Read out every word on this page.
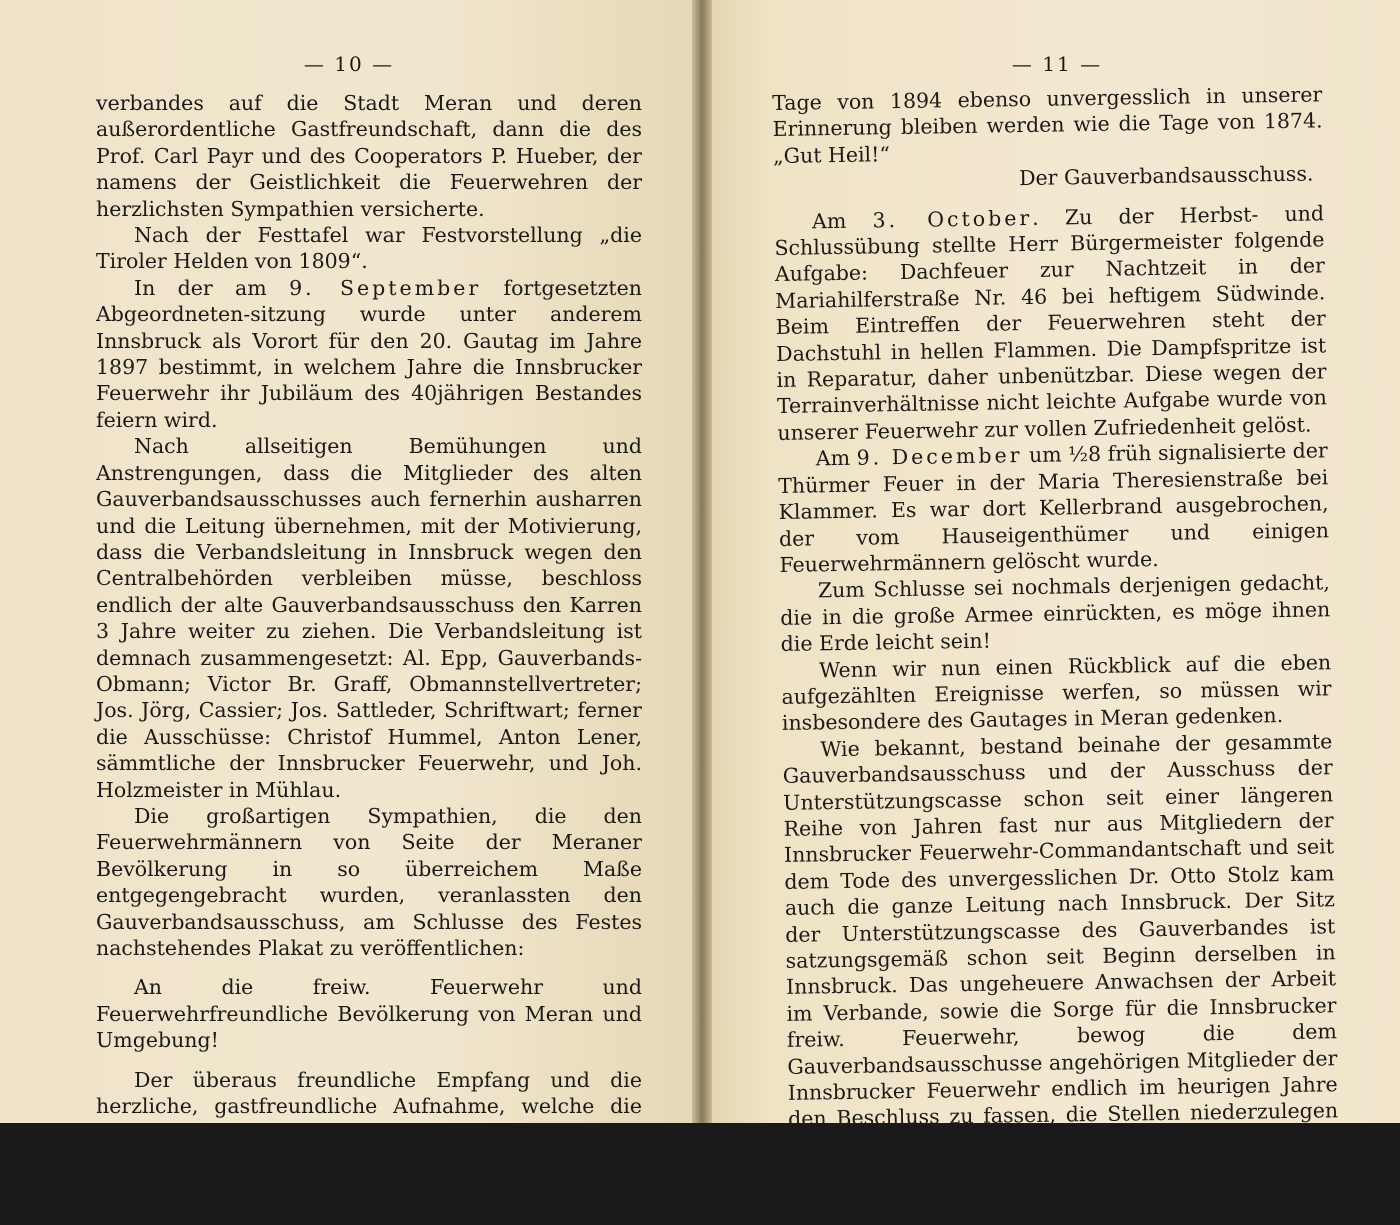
— 10 —

verbandes auf die Stadt Meran und deren außerordentliche Gastfreundschaft, dann die des Prof. Carl Payr und des Cooperators P. Hueber, der namens der Geistlichkeit die Feuerwehren der herzlichsten Sympathien versicherte.

Nach der Festtafel war Festvorstellung „die Tiroler Helden von 1809“.

In der am 9. September fortgesetzten Abgeordneten-sitzung wurde unter anderem Innsbruck als Vorort für den 20. Gautag im Jahre 1897 bestimmt, in welchem Jahre die Innsbrucker Feuerwehr ihr Jubiläum des 40jährigen Bestandes feiern wird.

Nach allseitigen Bemühungen und Anstrengungen, dass die Mitglieder des alten Gauverbandsausschusses auch fernerhin ausharren und die Leitung übernehmen, mit der Motivierung, dass die Verbandsleitung in Innsbruck wegen den Centralbehörden verbleiben müsse, beschloss endlich der alte Gauverbandsausschuss den Karren 3 Jahre weiter zu ziehen. Die Verbandsleitung ist demnach zusammengesetzt: Al. Epp, Gauverbands-Obmann; Victor Br. Graff, Obmannstellvertreter; Jos. Jörg, Cassier; Jos. Sattleder, Schriftwart; ferner die Ausschüsse: Christof Hummel, Anton Lener, sämmtliche der Innsbrucker Feuerwehr, und Joh. Holzmeister in Mühlau.

Die großartigen Sympathien, die den Feuerwehrmännern von Seite der Meraner Bevölkerung in so überreichem Maße entgegengebracht wurden, veranlassten den Gauverbandsausschuss, am Schlusse des Festes nachstehendes Plakat zu veröffentlichen:

An die freiw. Feuerwehr und Feuerwehrfreundliche Bevölkerung von Meran und Umgebung!

Der überaus freundliche Empfang und die herzliche, gastfreundliche Aufnahme, welche die Feuerwehren aus fern und nah hier gefunden, veranlassen den Unterzeichneten, den tiefgefühlten Dank auszusprechen, mit der Versicherung, dass die

— 11 —

Tage von 1894 ebenso unvergesslich in unserer Erinnerung bleiben werden wie die Tage von 1874. „Gut Heil!“

Der Gauverbandsausschuss.

Am 3. October. Zu der Herbst- und Schlussübung stellte Herr Bürgermeister folgende Aufgabe: Dachfeuer zur Nachtzeit in der Mariahilferstraße Nr. 46 bei heftigem Südwinde. Beim Eintreffen der Feuerwehren steht der Dachstuhl in hellen Flammen. Die Dampfspritze ist in Reparatur, daher unbenützbar. Diese wegen der Terrainverhältnisse nicht leichte Aufgabe wurde von unserer Feuerwehr zur vollen Zufriedenheit gelöst.

Am 9. December um ½8 früh signalisierte der Thürmer Feuer in der Maria Theresienstraße bei Klammer. Es war dort Kellerbrand ausgebrochen, der vom Hauseigenthümer und einigen Feuerwehrmännern gelöscht wurde.

Zum Schlusse sei nochmals derjenigen gedacht, die in die große Armee einrückten, es möge ihnen die Erde leicht sein!

Wenn wir nun einen Rückblick auf die eben aufgezählten Ereignisse werfen, so müssen wir insbesondere des Gautages in Meran gedenken.

Wie bekannt, bestand beinahe der gesammte Gauverbandsausschuss und der Ausschuss der Unterstützungscasse schon seit einer längeren Reihe von Jahren fast nur aus Mitgliedern der Innsbrucker Feuerwehr-Commandantschaft und seit dem Tode des unvergesslichen Dr. Otto Stolz kam auch die ganze Leitung nach Innsbruck. Der Sitz der Unterstützungscasse des Gauverbandes ist satzungsgemäß schon seit Beginn derselben in Innsbruck. Das ungeheuere Anwachsen der Arbeit im Verbande, sowie die Sorge für die Innsbrucker freiw. Feuerwehr, bewog die dem Gauverbandsausschusse angehörigen Mitglieder der Innsbrucker Feuerwehr endlich im heurigen Jahre den Beschluss zu fassen, die Stellen niederzulegen und dem Gautage zu erklären, dass sich die hiesigen Mitglieder
